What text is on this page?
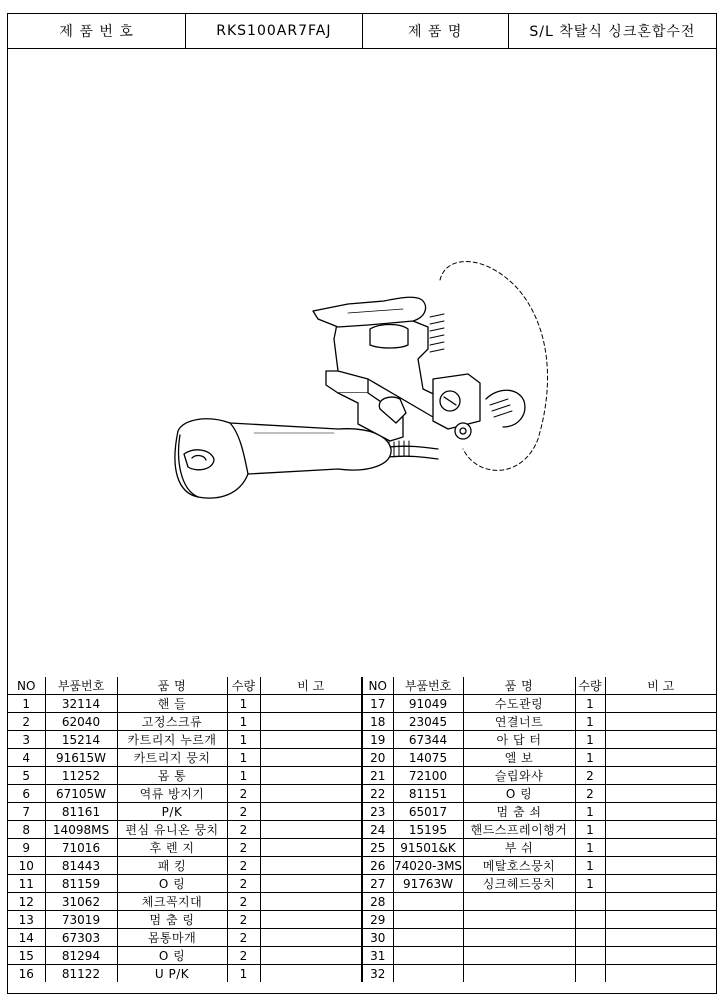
제 품 번 호	RKS100AR7FAJ	제 품 명	S/L 착탈식 싱크혼합수전
NO	부품번호	품 명	수량	비 고	NO	부품번호	품 명	수량	비 고
1	32114	핸 들	1		17	91049	수도관링	1	
2	62040	고정스크류	1		18	23045	연결너트	1	
3	15214	카트리지 누르개	1		19	67344	아 답 터	1	
4	91615W	카트리지 뭉치	1		20	14075	엘 보	1	
5	11252	몸 통	1		21	72100	슬립와샤	2	
6	67105W	역류 방지기	2		22	81151	O 링	2	
7	81161	P/K	2		23	65017	멈 춤 쇠	1	
8	14098MS	편심 유니온 뭉치	2		24	15195	핸드스프레이행거	1	
9	71016	후 렌 지	2		25	91501&K	부 쉬	1	
10	81443	패 킹	2		26	74020-3MS	메탈호스뭉치	1	
11	81159	O 링	2		27	91763W	싱크헤드뭉치	1	
12	31062	체크꼭지대	2		28				
13	73019	멈 춤 링	2		29				
14	67303	몸통마개	2		30				
15	81294	O 링	2		31				
16	81122	U P/K	1		32				
